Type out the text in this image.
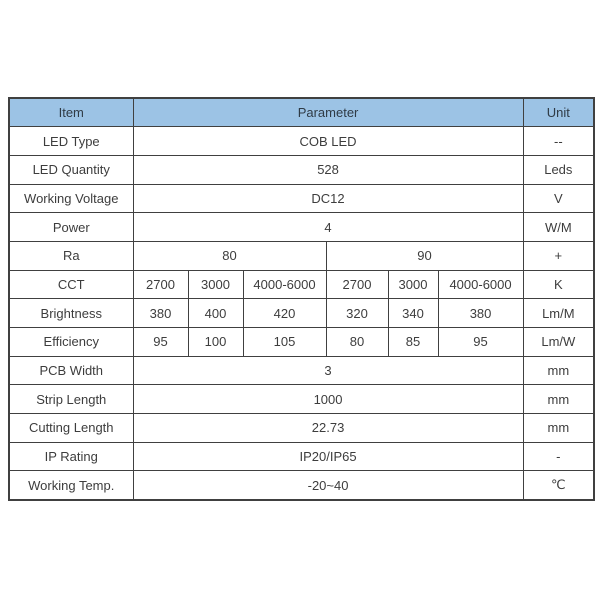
Item	Parameter						Unit
LED Type	COB LED						--
LED Quantity	528						Leds
Working Voltage	DC12						V
Power	4						W/M
Ra	80			90			+
CCT	2700	3000	4000-6000	2700	3000	4000-6000	K
Brightness	380	400	420	320	340	380	Lm/M
Efficiency	95	100	105	80	85	95	Lm/W
PCB Width	3						mm
Strip Length	1000						mm
Cutting Length	22.73						mm
IP Rating	IP20/IP65						-
Working Temp.	-20~40						℃
